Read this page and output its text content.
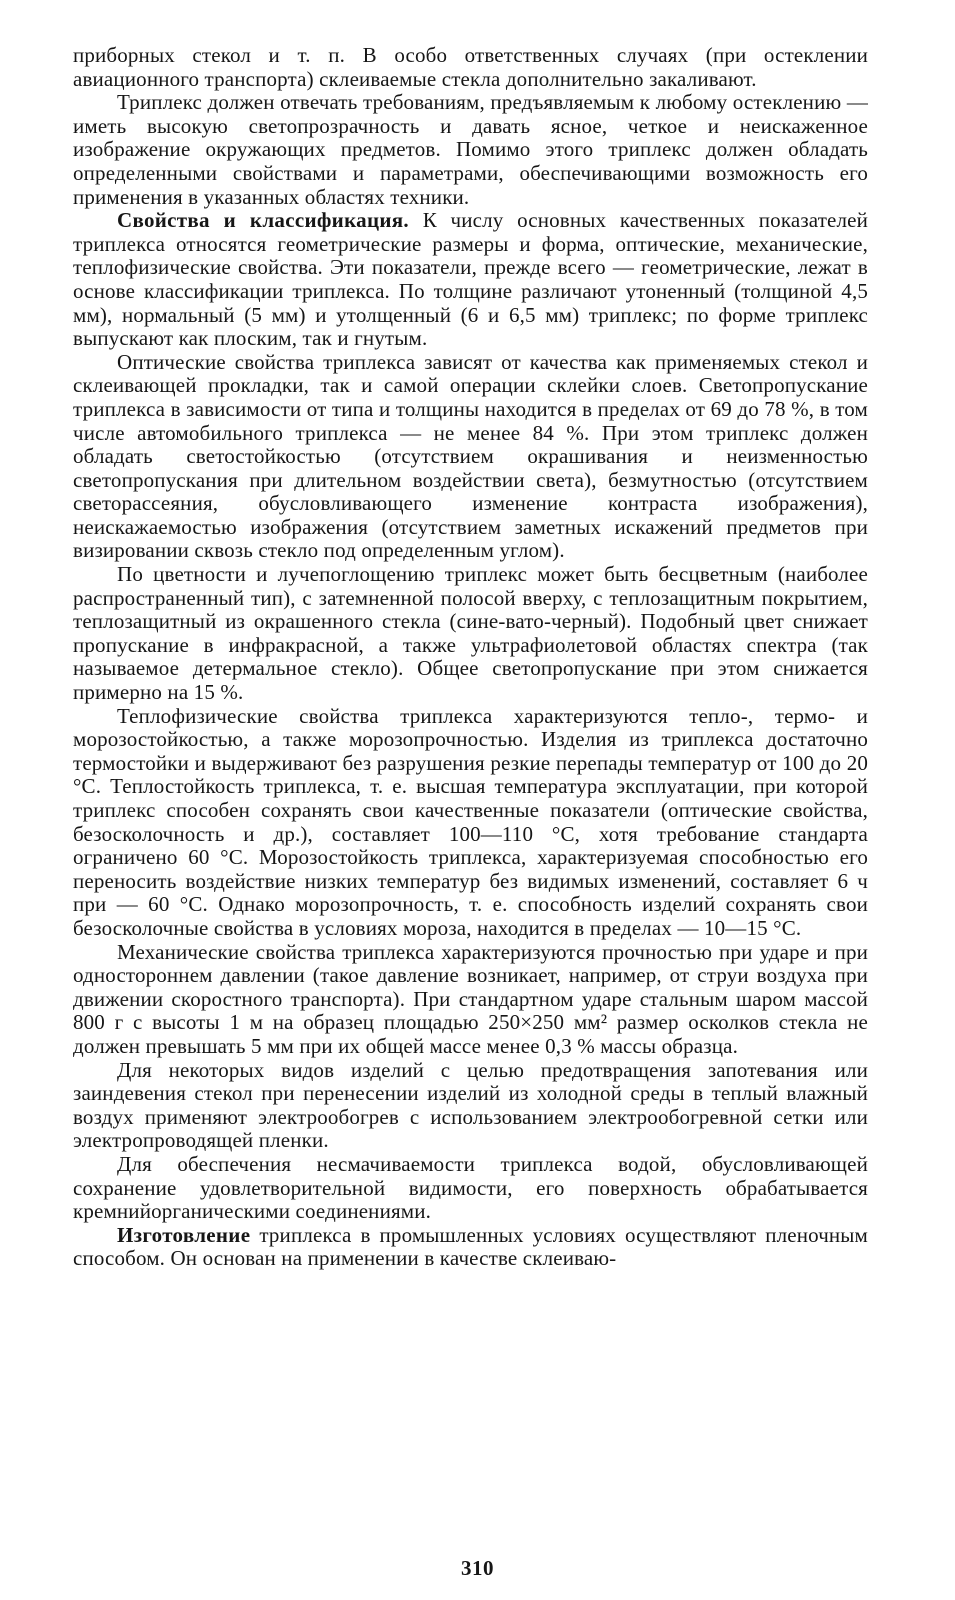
приборных стекол и т. п. В особо ответственных случаях (при остеклении авиационного транспорта) склеиваемые стекла дополнительно закаливают.

Триплекс должен отвечать требованиям, предъявляемым к любому остеклению — иметь высокую светопрозрачность и давать ясное, четкое и неискаженное изображение окружающих предметов. Помимо этого триплекс должен обладать определенными свойствами и параметрами, обеспечивающими возможность его применения в указанных областях техники.

Свойства и классификация. К числу основных качественных показателей триплекса относятся геометрические размеры и форма, оптические, механические, теплофизические свойства. Эти показатели, прежде всего — геометрические, лежат в основе классификации триплекса. По толщине различают утоненный (толщиной 4,5 мм), нормальный (5 мм) и утолщенный (6 и 6,5 мм) триплекс; по форме триплекс выпускают как плоским, так и гнутым.

Оптические свойства триплекса зависят от качества как применяемых стекол и склеивающей прокладки, так и самой операции склейки слоев. Светопропускание триплекса в зависимости от типа и толщины находится в пределах от 69 до 78 %, в том числе автомобильного триплекса — не менее 84 %. При этом триплекс должен обладать светостойкостью (отсутствием окрашивания и неизменностью светопропускания при длительном воздействии света), безмутностью (отсутствием светорассеяния, обусловливающего изменение контраста изображения), неискажаемостью изображения (отсутствием заметных искажений предметов при визировании сквозь стекло под определенным углом).

По цветности и лучепоглощению триплекс может быть бесцветным (наиболее распространенный тип), с затемненной полосой вверху, с теплозащитным покрытием, теплозащитный из окрашенного стекла (сине-вато-черный). Подобный цвет снижает пропускание в инфракрасной, а также ультрафиолетовой областях спектра (так называемое детермальное стекло). Общее светопропускание при этом снижается примерно на 15 %.

Теплофизические свойства триплекса характеризуются тепло-, термо- и морозостойкостью, а также морозопрочностью. Изделия из триплекса достаточно термостойки и выдерживают без разрушения резкие перепады температур от 100 до 20 °С. Теплостойкость триплекса, т. е. высшая температура эксплуатации, при которой триплекс способен сохранять свои качественные показатели (оптические свойства, безосколочность и др.), составляет 100—110 °С, хотя требование стандарта ограничено 60 °С. Морозостойкость триплекса, характеризуемая способностью его переносить воздействие низких температур без видимых изменений, составляет 6 ч при — 60 °С. Однако морозопрочность, т. е. способность изделий сохранять свои безосколочные свойства в условиях мороза, находится в пределах — 10—15 °С.

Механические свойства триплекса характеризуются прочностью при ударе и при одностороннем давлении (такое давление возникает, например, от струи воздуха при движении скоростного транспорта). При стандартном ударе стальным шаром массой 800 г с высоты 1 м на образец площадью 250×250 мм² размер осколков стекла не должен превышать 5 мм при их общей массе менее 0,3 % массы образца.

Для некоторых видов изделий с целью предотвращения запотевания или заиндевения стекол при перенесении изделий из холодной среды в теплый влажный воздух применяют электрообогрев с использованием электрообогревной сетки или электропроводящей пленки.

Для обеспечения несмачиваемости триплекса водой, обусловливающей сохранение удовлетворительной видимости, его поверхность обрабатывается кремнийорганическими соединениями.

Изготовление триплекса в промышленных условиях осуществляют пленочным способом. Он основан на применении в качестве склеиваю-

310
